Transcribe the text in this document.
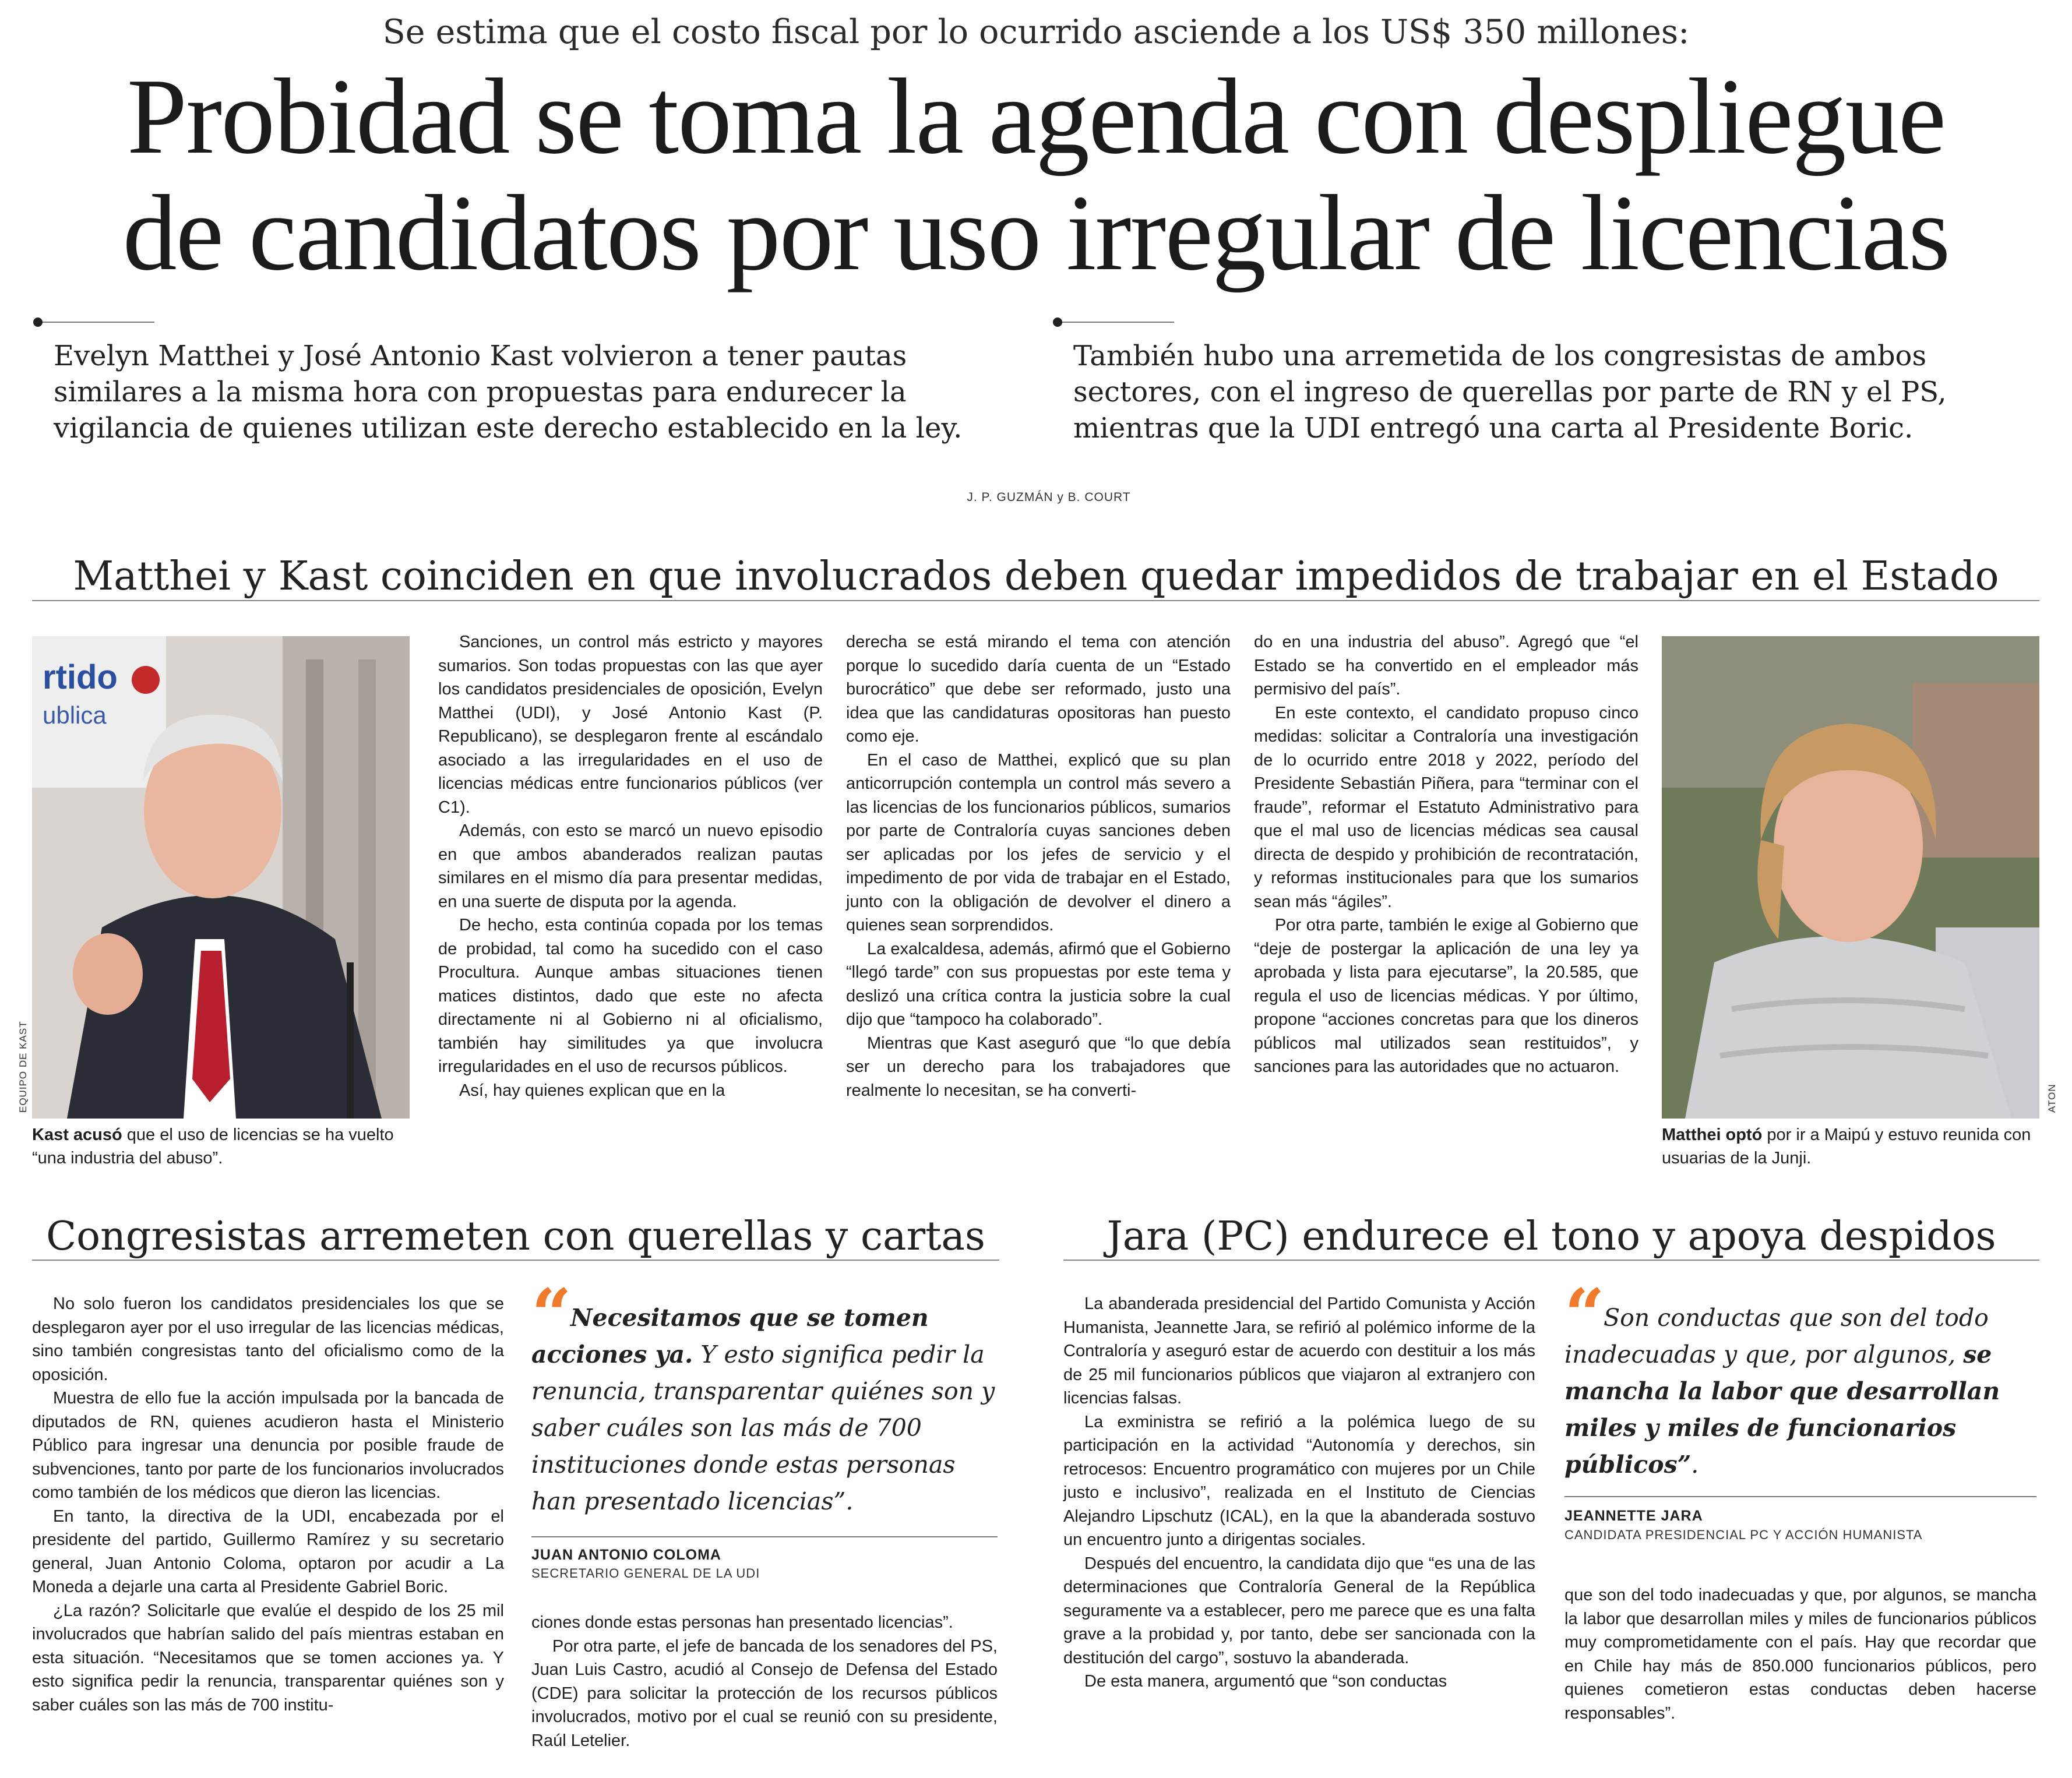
Se estima que el costo fiscal por lo ocurrido asciende a los US$ 350 millones:
Probidad se toma la agenda con despliegue
de candidatos por uso irregular de licencias
Evelyn Matthei y José Antonio Kast volvieron a tener pautas
similares a la misma hora con propuestas para endurecer la
vigilancia de quienes utilizan este derecho establecido en la ley.
También hubo una arremetida de los congresistas de ambos
sectores, con el ingreso de querellas por parte de RN y el PS,
mientras que la UDI entregó una carta al Presidente Boric.
J. P. GUZMÁN y B. COURT
Matthei y Kast coinciden en que involucrados deben quedar impedidos de trabajar en el Estado
rtido
ublica
EQUIPO DE KAST
Kast acusó que el uso de licencias se ha vuelto “una industria del abuso”.

Sanciones, un control más estricto y mayores sumarios. Son todas propuestas con las que ayer los candidatos presidenciales de oposición, Evelyn Matthei (UDI), y José Antonio Kast (P. Republicano), se desplegaron frente al escándalo asociado a las irregularidades en el uso de licencias médicas entre funcionarios públicos (ver C1).

Además, con esto se marcó un nuevo episodio en que ambos abanderados realizan pautas similares en el mismo día para presentar medidas, en una suerte de disputa por la agenda.

De hecho, esta continúa copada por los temas de probidad, tal como ha sucedido con el caso Procultura. Aunque ambas situaciones tienen matices distintos, dado que este no afecta directamente ni al Gobierno ni al oficialismo, también hay similitudes ya que involucra irregularidades en el uso de recursos públicos.

Así, hay quienes explican que en la

derecha se está mirando el tema con atención porque lo sucedido daría cuenta de un “Estado burocrático” que debe ser reformado, justo una idea que las candidaturas opositoras han puesto como eje.

En el caso de Matthei, explicó que su plan anticorrupción contempla un control más severo a las licencias de los funcionarios públicos, sumarios por parte de Contraloría cuyas sanciones deben ser aplicadas por los jefes de servicio y el impedimento de por vida de trabajar en el Estado, junto con la obligación de devolver el dinero a quienes sean sorprendidos.

La exalcaldesa, además, afirmó que el Gobierno “llegó tarde” con sus propuestas por este tema y deslizó una crítica contra la justicia sobre la cual dijo que “tampoco ha colaborado”.

Mientras que Kast aseguró que “lo que debía ser un derecho para los trabajadores que realmente lo necesitan, se ha converti-

do en una industria del abuso”. Agregó que “el Estado se ha convertido en el empleador más permisivo del país”.

En este contexto, el candidato propuso cinco medidas: solicitar a Contraloría una investigación de lo ocurrido entre 2018 y 2022, período del Presidente Sebastián Piñera, para “terminar con el fraude”, reformar el Estatuto Administrativo para que el mal uso de licencias médicas sea causal directa de despido y prohibición de recontratación, y reformas institucionales para que los sumarios sean más “ágiles”.

Por otra parte, también le exige al Gobierno que “deje de postergar la aplicación de una ley ya aprobada y lista para ejecutarse”, la 20.585, que regula el uso de licencias médicas. Y por último, propone “acciones concretas para que los dineros públicos mal utilizados sean restituidos”, y sanciones para las autoridades que no actuaron.

ATON
Matthei optó por ir a Maipú y estuvo reunida con usuarias de la Junji.
Congresistas arremeten con querellas y cartas

No solo fueron los candidatos presidenciales los que se desplegaron ayer por el uso irregular de las licencias médicas, sino también congresistas tanto del oficialismo como de la oposición.

Muestra de ello fue la acción impulsada por la bancada de diputados de RN, quienes acudieron hasta el Ministerio Público para ingresar una denuncia por posible fraude de subvenciones, tanto por parte de los funcionarios involucrados como también de los médicos que dieron las licencias.

En tanto, la directiva de la UDI, encabezada por el presidente del partido, Guillermo Ramírez y su secretario general, Juan Antonio Coloma, optaron por acudir a La Moneda a dejarle una carta al Presidente Gabriel Boric.

¿La razón? Solicitarle que evalúe el despido de los 25 mil involucrados que habrían salido del país mientras estaban en esta situación. “Necesitamos que se tomen acciones ya. Y esto significa pedir la renuncia, transparentar quiénes son y saber cuáles son las más de 700 institu-

“ Necesitamos que se tomen acciones ya. Y esto significa pedir la renuncia, transparentar quiénes son y saber cuáles son las más de 700 instituciones donde estas personas han presentado licencias”.
JUAN ANTONIO COLOMA
SECRETARIO GENERAL DE LA UDI

ciones donde estas personas han presentado licencias”.

Por otra parte, el jefe de bancada de los senadores del PS, Juan Luis Castro, acudió al Consejo de Defensa del Estado (CDE) para solicitar la protección de los recursos públicos involucrados, motivo por el cual se reunió con su presidente, Raúl Letelier.

Jara (PC) endurece el tono y apoya despidos

La abanderada presidencial del Partido Comunista y Acción Humanista, Jeannette Jara, se refirió al polémico informe de la Contraloría y aseguró estar de acuerdo con destituir a los más de 25 mil funcionarios públicos que viajaron al extranjero con licencias falsas.

La exministra se refirió a la polémica luego de su participación en la actividad “Autonomía y derechos, sin retrocesos: Encuentro programático con mujeres por un Chile justo e inclusivo”, realizada en el Instituto de Ciencias Alejandro Lipschutz (ICAL), en la que la abanderada sostuvo un encuentro junto a dirigentas sociales.

Después del encuentro, la candidata dijo que “es una de las determinaciones que Contraloría General de la República seguramente va a establecer, pero me parece que es una falta grave a la probidad y, por tanto, debe ser sancionada con la destitución del cargo”, sostuvo la abanderada.

De esta manera, argumentó que “son conductas

“ Son conductas que son del todo inadecuadas y que, por algunos, se mancha la labor que desarrollan miles y miles de funcionarios públicos”.
JEANNETTE JARA
CANDIDATA PRESIDENCIAL PC Y ACCIÓN HUMANISTA

que son del todo inadecuadas y que, por algunos, se mancha la labor que desarrollan miles y miles de funcionarios públicos muy comprometidamente con el país. Hay que recordar que en Chile hay más de 850.000 funcionarios públicos, pero quienes cometieron estas conductas deben hacerse responsables”.
